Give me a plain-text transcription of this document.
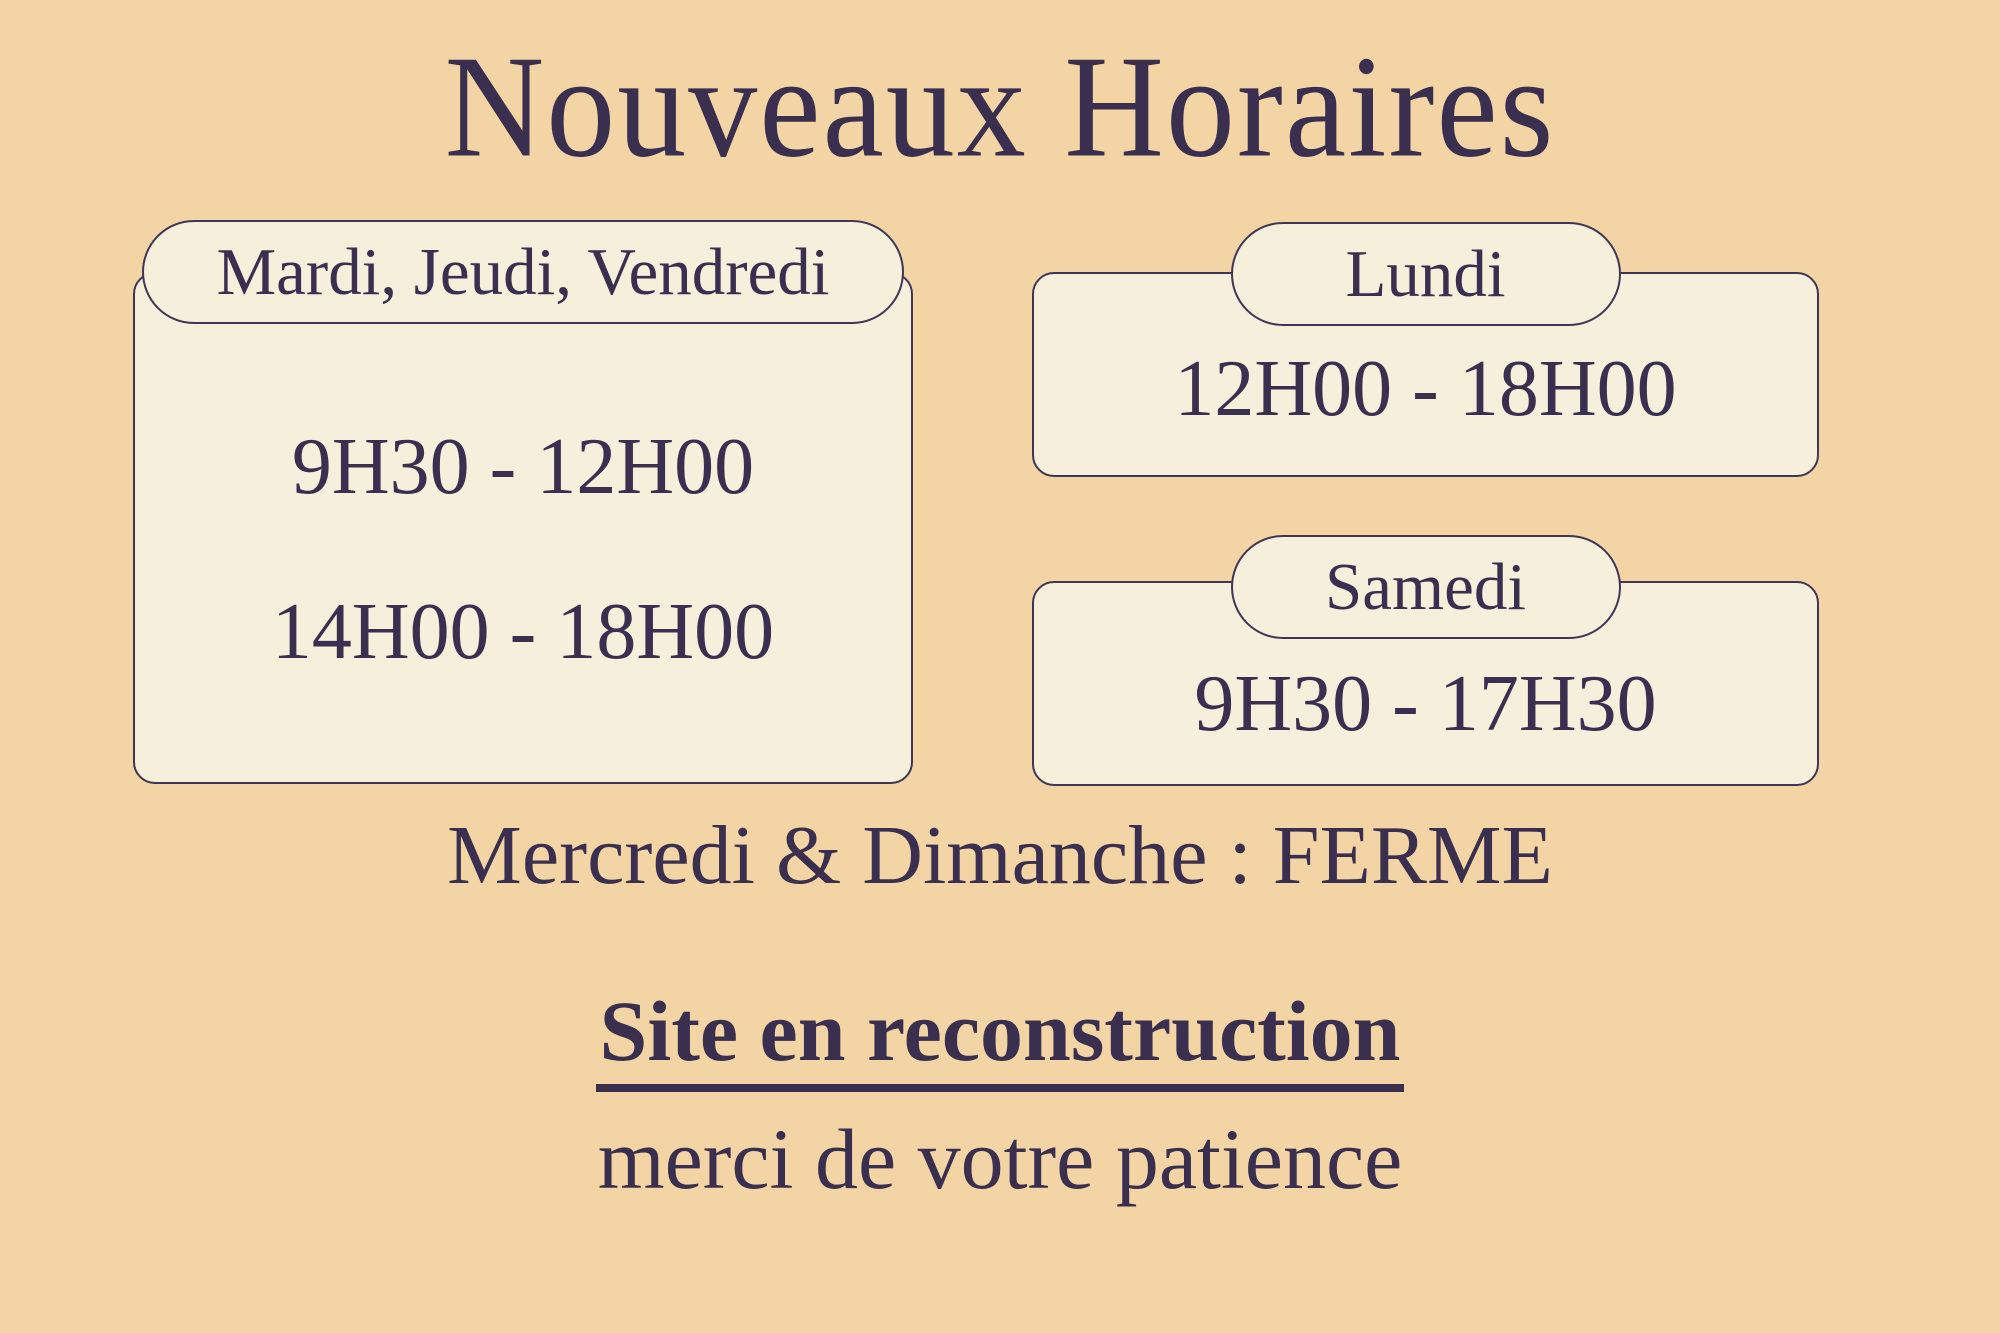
Nouveaux Horaires
Mardi, Jeudi, Vendredi
9H30 - 12H00
14H00 - 18H00
Lundi
12H00 - 18H00
Samedi
9H30 - 17H30
Mercredi & Dimanche : FERME
Site en reconstruction
merci de votre patience
